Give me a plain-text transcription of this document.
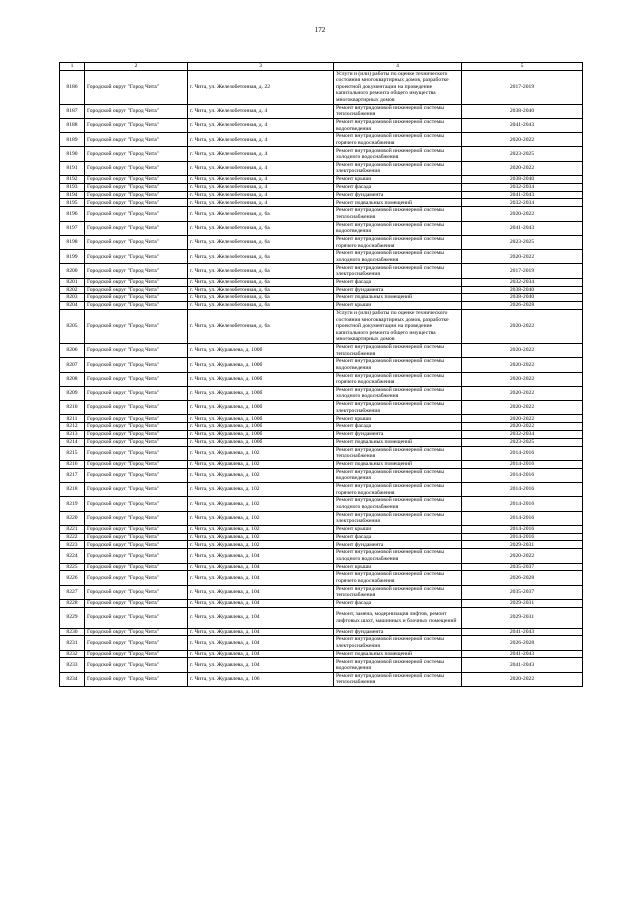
172
1	2	3	4	5
8186	Городской округ "Город Чита"	г. Чита, ул. Железобетонная, д. 22	Услуги и (или) работы по оценке технического состояния многоквартирных домов, разработке проектной документации на проведение капитального ремонта общего имущества многоквартирных домов	2017-2019
8187	Городской округ "Город Чита"	г. Чита, ул. Железобетонная, д. 4	Ремонт внутридомовой инженерной системы теплоснабжения	2038-2040
8188	Городской округ "Город Чита"	г. Чита, ул. Железобетонная, д. 4	Ремонт внутридомовой инженерной системы водоотведения	2041-2043
8189	Городской округ "Город Чита"	г. Чита, ул. Железобетонная, д. 4	Ремонт внутридомовой инженерной системы горячего водоснабжения	2020-2022
8190	Городской округ "Город Чита"	г. Чита, ул. Железобетонная, д. 4	Ремонт внутридомовой инженерной системы холодного водоснабжения	2023-2025
8191	Городской округ "Город Чита"	г. Чита, ул. Железобетонная, д. 4	Ремонт внутридомовой инженерной системы электроснабжения	2020-2022
8192	Городской округ "Город Чита"	г. Чита, ул. Железобетонная, д. 4	Ремонт крыши	2038-2040
8193	Городской округ "Город Чита"	г. Чита, ул. Железобетонная, д. 4	Ремонт фасада	2032-2034
8194	Городской округ "Город Чита"	г. Чита, ул. Железобетонная, д. 4	Ремонт фундамента	2041-2043
8195	Городской округ "Город Чита"	г. Чита, ул. Железобетонная, д. 4	Ремонт подвальных помещений	2032-2034
8196	Городской округ "Город Чита"	г. Чита, ул. Железобетонная, д. 6а	Ремонт внутридомовой инженерной системы теплоснабжения	2020-2022
8197	Городской округ "Город Чита"	г. Чита, ул. Железобетонная, д. 6а	Ремонт внутридомовой инженерной системы водоотведения	2041-2043
8198	Городской округ "Город Чита"	г. Чита, ул. Железобетонная, д. 6а	Ремонт внутридомовой инженерной системы горячего водоснабжения	2023-2025
8199	Городской округ "Город Чита"	г. Чита, ул. Железобетонная, д. 6а	Ремонт внутридомовой инженерной системы холодного водоснабжения	2020-2022
8200	Городской округ "Город Чита"	г. Чита, ул. Железобетонная, д. 6а	Ремонт внутридомовой инженерной системы электроснабжения	2017-2019
8201	Городской округ "Город Чита"	г. Чита, ул. Железобетонная, д. 6а	Ремонт фасада	2032-2034
8202	Городской округ "Город Чита"	г. Чита, ул. Железобетонная, д. 6а	Ремонт фундамента	2038-2040
8203	Городской округ "Город Чита"	г. Чита, ул. Железобетонная, д. 6а	Ремонт подвальных помещений	2038-2040
8204	Городской округ "Город Чита"	г. Чита, ул. Железобетонная, д. 6а	Ремонт крыши	2026-2028
8205	Городской округ "Город Чита"	г. Чита, ул. Железобетонная, д. 6а	Услуги и (или) работы по оценке технического состояния многоквартирных домов, разработке проектной документации на проведение капитального ремонта общего имущества многоквартирных домов	2020-2022
8206	Городской округ "Город Чита"	г. Чита, ул. Журавлева, д. 100б	Ремонт внутридомовой инженерной системы теплоснабжения	2020-2022
8207	Городской округ "Город Чита"	г. Чита, ул. Журавлева, д. 100б	Ремонт внутридомовой инженерной системы водоотведения	2020-2022
8208	Городской округ "Город Чита"	г. Чита, ул. Журавлева, д. 100б	Ремонт внутридомовой инженерной системы горячего водоснабжения	2020-2022
8209	Городской округ "Город Чита"	г. Чита, ул. Журавлева, д. 100б	Ремонт внутридомовой инженерной системы холодного водоснабжения	2020-2022
8210	Городской округ "Город Чита"	г. Чита, ул. Журавлева, д. 100б	Ремонт внутридомовой инженерной системы электроснабжения	2020-2022
8211	Городской округ "Город Чита"	г. Чита, ул. Журавлева, д. 100б	Ремонт крыши	2020-2022
8212	Городской округ "Город Чита"	г. Чита, ул. Журавлева, д. 100б	Ремонт фасада	2020-2022
8213	Городской округ "Город Чита"	г. Чита, ул. Журавлева, д. 100б	Ремонт фундамента	2032-2034
8214	Городской округ "Город Чита"	г. Чита, ул. Журавлева, д. 100б	Ремонт подвальных помещений	2023-2025
8215	Городской округ "Город Чита"	г. Чита, ул. Журавлева, д. 102	Ремонт внутридомовой инженерной системы теплоснабжения	2014-2016
8216	Городской округ "Город Чита"	г. Чита, ул. Журавлева, д. 102	Ремонт подвальных помещений	2014-2016
8217	Городской округ "Город Чита"	г. Чита, ул. Журавлева, д. 102	Ремонт внутридомовой инженерной системы водоотведения	2014-2016
8218	Городской округ "Город Чита"	г. Чита, ул. Журавлева, д. 102	Ремонт внутридомовой инженерной системы горячего водоснабжения	2014-2016
8219	Городской округ "Город Чита"	г. Чита, ул. Журавлева, д. 102	Ремонт внутридомовой инженерной системы холодного водоснабжения	2014-2016
8220	Городской округ "Город Чита"	г. Чита, ул. Журавлева, д. 102	Ремонт внутридомовой инженерной системы электроснабжения	2014-2016
8221	Городской округ "Город Чита"	г. Чита, ул. Журавлева, д. 102	Ремонт крыши	2014-2016
8222	Городской округ "Город Чита"	г. Чита, ул. Журавлева, д. 102	Ремонт фасада	2014-2016
8223	Городской округ "Город Чита"	г. Чита, ул. Журавлева, д. 102	Ремонт фундамента	2029-2031
8224	Городской округ "Город Чита"	г. Чита, ул. Журавлева, д. 104	Ремонт внутридомовой инженерной системы холодного водоснабжения	2020-2022
8225	Городской округ "Город Чита"	г. Чита, ул. Журавлева, д. 104	Ремонт крыши	2035-2037
8226	Городской округ "Город Чита"	г. Чита, ул. Журавлева, д. 104	Ремонт внутридомовой инженерной системы горячего водоснабжения	2026-2028
8227	Городской округ "Город Чита"	г. Чита, ул. Журавлева, д. 104	Ремонт внутридомовой инженерной системы теплоснабжения	2035-2037
8228	Городской округ "Город Чита"	г. Чита, ул. Журавлева, д. 104	Ремонт фасада	2029-2031
8229	Городской округ "Город Чита"	г. Чита, ул. Журавлева, д. 104	Ремонт, замена, модернизация лифтов, ремонт лифтовых шахт, машинных и блочных помещений	2029-2031
8230	Городской округ "Город Чита"	г. Чита, ул. Журавлева, д. 104	Ремонт фундамента	2041-2043
8231	Городской округ "Город Чита"	г. Чита, ул. Журавлева, д. 104	Ремонт внутридомовой инженерной системы электроснабжения	2026-2028
8232	Городской округ "Город Чита"	г. Чита, ул. Журавлева, д. 104	Ремонт подвальных помещений	2041-2043
8233	Городской округ "Город Чита"	г. Чита, ул. Журавлева, д. 104	Ремонт внутридомовой инженерной системы водоотведения	2041-2043
8234	Городской округ "Город Чита"	г. Чита, ул. Журавлева, д. 106	Ремонт внутридомовой инженерной системы теплоснабжения	2020-2022
